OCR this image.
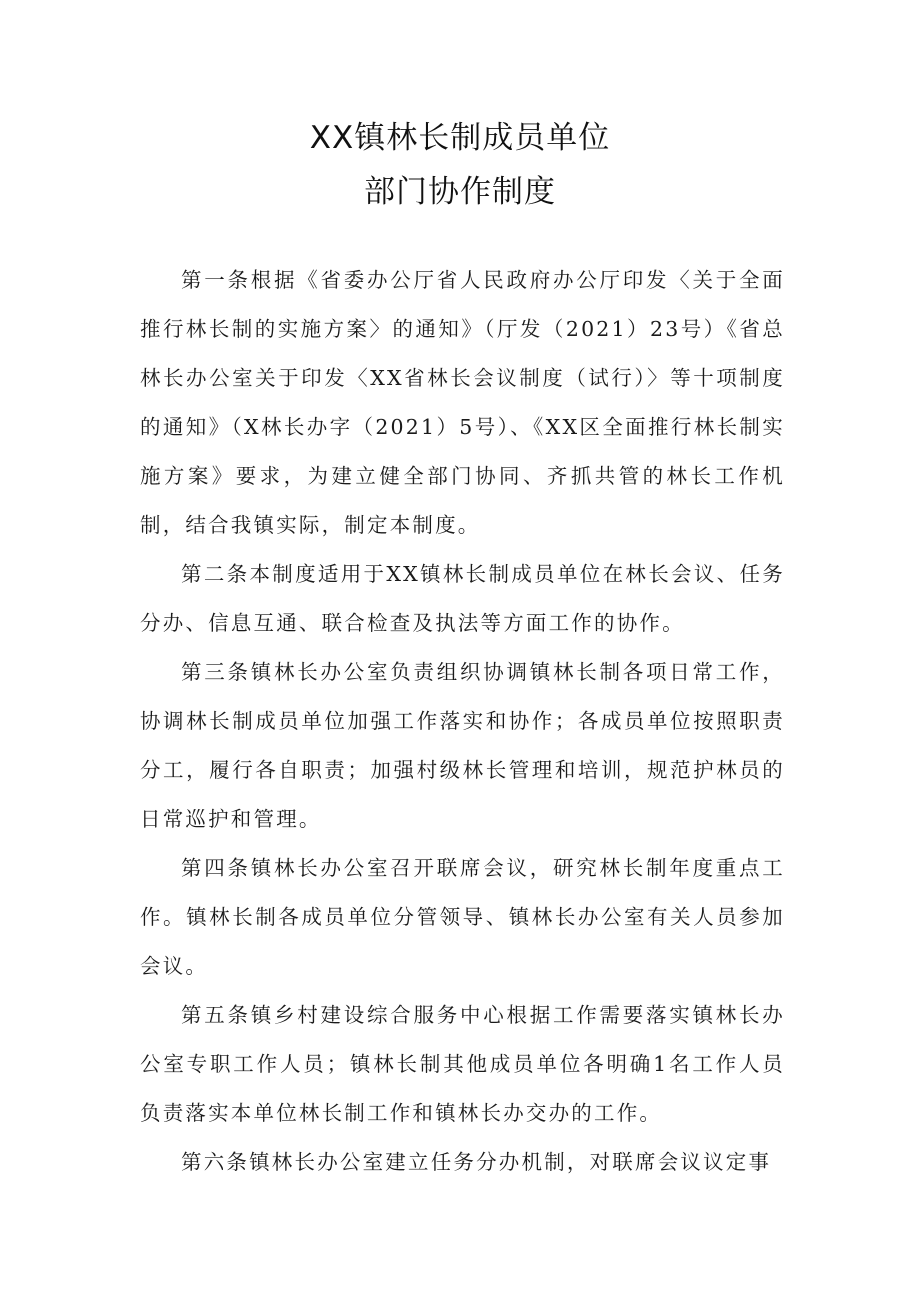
XX镇林长制成员单位
部门协作制度

第一条根据《省委办公厅省人民政府办公厅印发〈关于全面推行林长制的实施方案〉的通知》（厅发（2021）23号）《省总林长办公室关于印发〈XX省林长会议制度（试行）〉等十项制度的通知》（X林长办字（2021）5号）、《XX区全面推行林长制实施方案》要求，为建立健全部门协同、齐抓共管的林长工作机制，结合我镇实际，制定本制度。

第二条本制度适用于XX镇林长制成员单位在林长会议、任务分办、信息互通、联合检查及执法等方面工作的协作。

第三条镇林长办公室负责组织协调镇林长制各项日常工作，协调林长制成员单位加强工作落实和协作；各成员单位按照职责分工，履行各自职责；加强村级林长管理和培训，规范护林员的日常巡护和管理。

第四条镇林长办公室召开联席会议，研究林长制年度重点工作。镇林长制各成员单位分管领导、镇林长办公室有关人员参加会议。

第五条镇乡村建设综合服务中心根据工作需要落实镇林长办公室专职工作人员；镇林长制其他成员单位各明确1名工作人员负责落实本单位林长制工作和镇林长办交办的工作。

第六条镇林长办公室建立任务分办机制，对联席会议议定事
